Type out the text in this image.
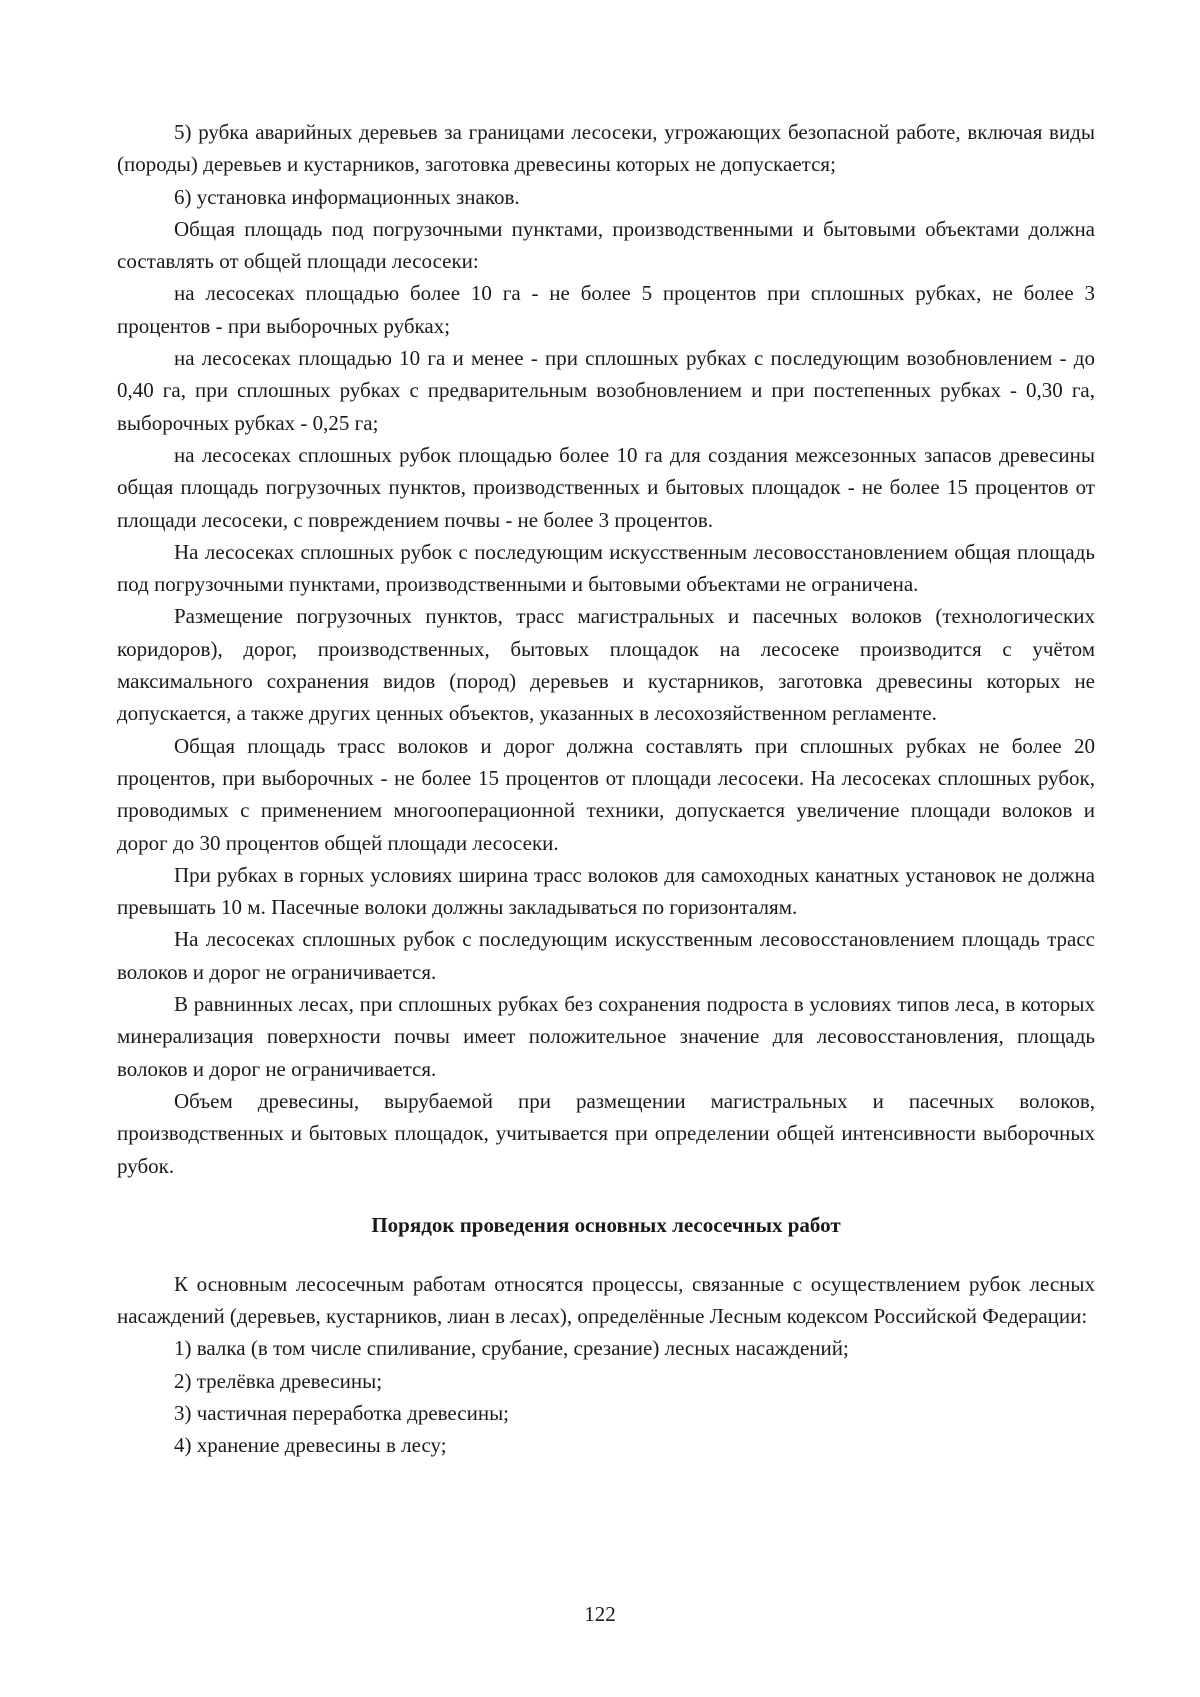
5) рубка аварийных деревьев за границами лесосеки, угрожающих безопасной работе, включая виды (породы) деревьев и кустарников, заготовка древесины которых не допускается;

6) установка информационных знаков.

Общая площадь под погрузочными пунктами, производственными и бытовыми объектами должна составлять от общей площади лесосеки:

на лесосеках площадью более 10 га - не более 5 процентов при сплошных рубках, не более 3 процентов - при выборочных рубках;

на лесосеках площадью 10 га и менее - при сплошных рубках с последующим возобновлением - до 0,40 га, при сплошных рубках с предварительным возобновлением и при постепенных рубках - 0,30 га, выборочных рубках - 0,25 га;

на лесосеках сплошных рубок площадью более 10 га для создания межсезонных запасов древесины общая площадь погрузочных пунктов, производственных и бытовых площадок - не более 15 процентов от площади лесосеки, с повреждением почвы - не более 3 процентов.

На лесосеках сплошных рубок с последующим искусственным лесовосстановлением общая площадь под погрузочными пунктами, производственными и бытовыми объектами не ограничена.

Размещение погрузочных пунктов, трасс магистральных и пасечных волоков (технологических коридоров), дорог, производственных, бытовых площадок на лесосеке производится с учётом максимального сохранения видов (пород) деревьев и кустарников, заготовка древесины которых не допускается, а также других ценных объектов, указанных в лесохозяйственном регламенте.

Общая площадь трасс волоков и дорог должна составлять при сплошных рубках не более 20 процентов, при выборочных - не более 15 процентов от площади лесосеки. На лесосеках сплошных рубок, проводимых с применением многооперационной техники, допускается увеличение площади волоков и дорог до 30 процентов общей площади лесосеки.

При рубках в горных условиях ширина трасс волоков для самоходных канатных установок не должна превышать 10 м. Пасечные волоки должны закладываться по горизонталям.

На лесосеках сплошных рубок с последующим искусственным лесовосстановлением площадь трасс волоков и дорог не ограничивается.

В равнинных лесах, при сплошных рубках без сохранения подроста в условиях типов леса, в которых минерализация поверхности почвы имеет положительное значение для лесовосстановления, площадь волоков и дорог не ограничивается.

Объем древесины, вырубаемой при размещении магистральных и пасечных волоков, производственных и бытовых площадок, учитывается при определении общей интенсивности выборочных рубок.

Порядок проведения основных лесосечных работ

К основным лесосечным работам относятся процессы, связанные с осуществлением рубок лесных насаждений (деревьев, кустарников, лиан в лесах), определённые Лесным кодексом Российской Федерации:

1) валка (в том числе спиливание, срубание, срезание) лесных насаждений;

2) трелёвка древесины;

3) частичная переработка древесины;

4) хранение древесины в лесу;

122
